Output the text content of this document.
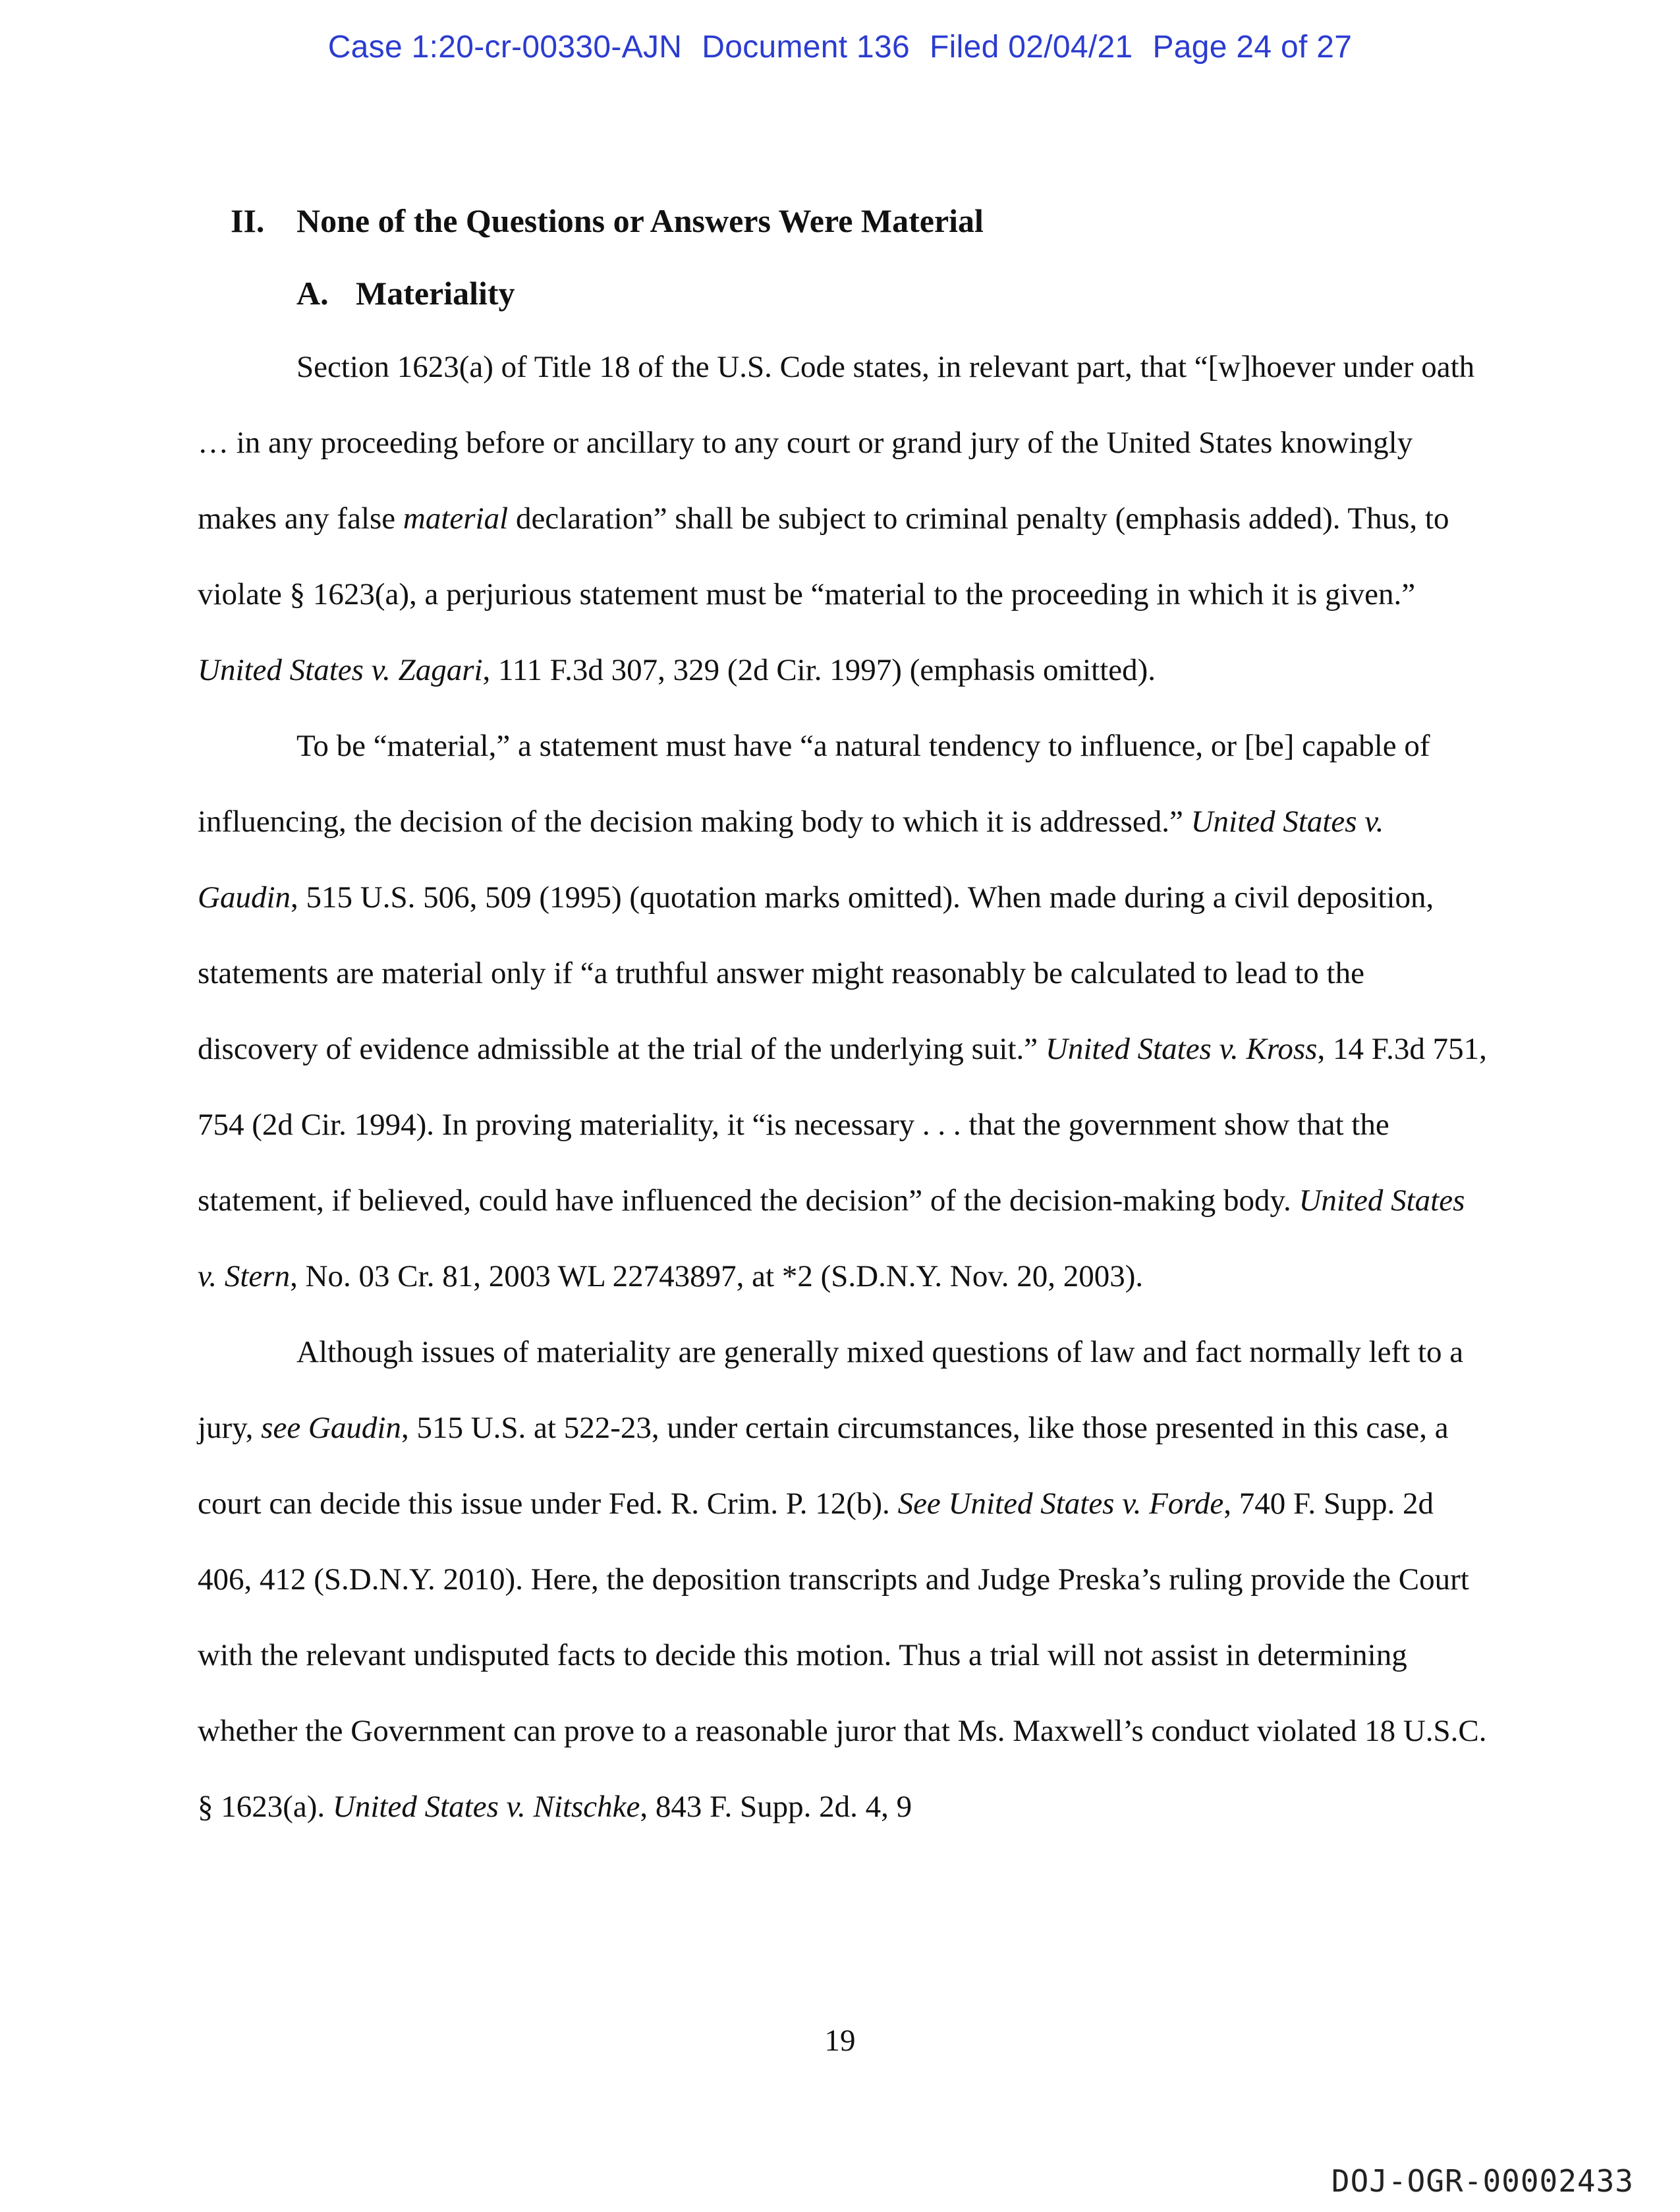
Case 1:20-cr-00330-AJN Document 136 Filed 02/04/21 Page 24 of 27
II. None of the Questions or Answers Were Material
A. Materiality

Section 1623(a) of Title 18 of the U.S. Code states, in relevant part, that “[w]hoever under oath … in any proceeding before or ancillary to any court or grand jury of the United States knowingly makes any false material declaration” shall be subject to criminal penalty (emphasis added). Thus, to violate § 1623(a), a perjurious statement must be “material to the proceeding in which it is given.” United States v. Zagari, 111 F.3d 307, 329 (2d Cir. 1997) (emphasis omitted).

To be “material,” a statement must have “a natural tendency to influence, or [be] capable of influencing, the decision of the decision making body to which it is addressed.” United States v. Gaudin, 515 U.S. 506, 509 (1995) (quotation marks omitted). When made during a civil deposition, statements are material only if “a truthful answer might reasonably be calculated to lead to the discovery of evidence admissible at the trial of the underlying suit.” United States v. Kross, 14 F.3d 751, 754 (2d Cir. 1994). In proving materiality, it “is necessary . . . that the government show that the statement, if believed, could have influenced the decision” of the decision-making body. United States v. Stern, No. 03 Cr. 81, 2003 WL 22743897, at *2 (S.D.N.Y. Nov. 20, 2003).

Although issues of materiality are generally mixed questions of law and fact normally left to a jury, see Gaudin, 515 U.S. at 522-23, under certain circumstances, like those presented in this case, a court can decide this issue under Fed. R. Crim. P. 12(b). See United States v. Forde, 740 F. Supp. 2d 406, 412 (S.D.N.Y. 2010). Here, the deposition transcripts and Judge Preska’s ruling provide the Court with the relevant undisputed facts to decide this motion. Thus a trial will not assist in determining whether the Government can prove to a reasonable juror that Ms. Maxwell’s conduct violated 18 U.S.C. § 1623(a). United States v. Nitschke, 843 F. Supp. 2d. 4, 9

19
DOJ-OGR-00002433
